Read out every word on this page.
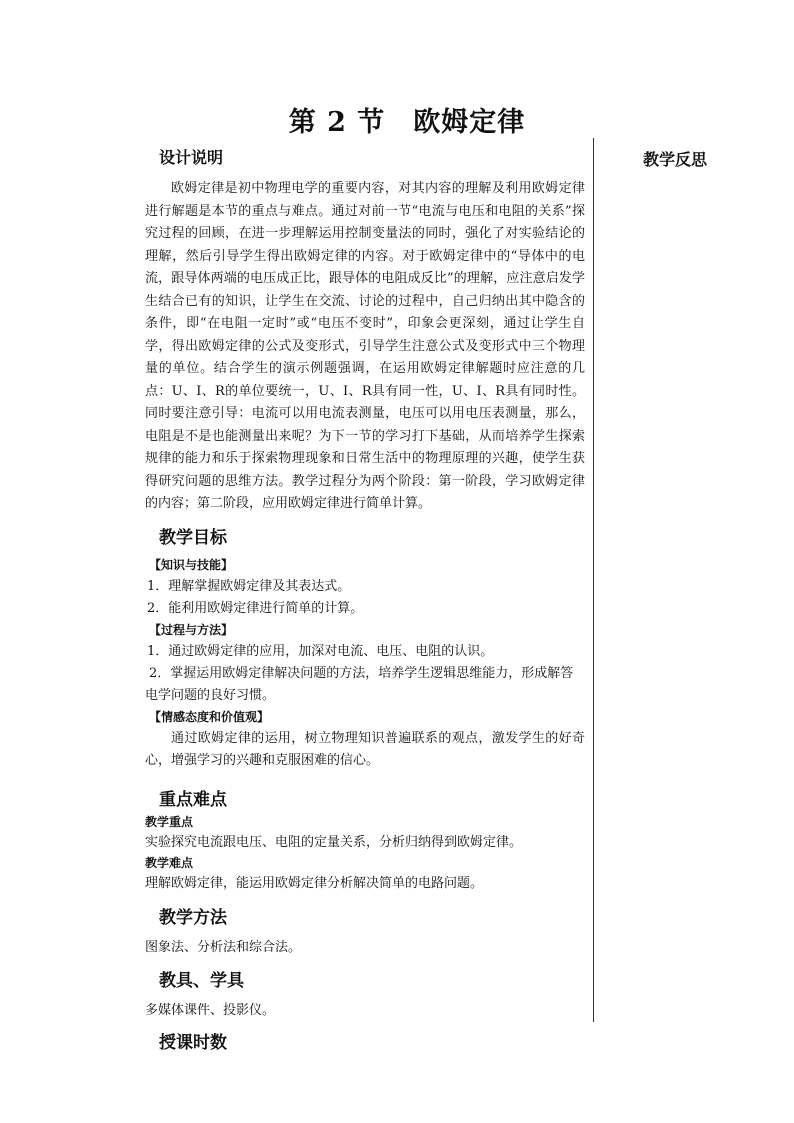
第 2 节　欧姆定律
教学反思

设计说明

欧姆定律是初中物理电学的重要内容，对其内容的理解及利用欧姆定律进行解题是本节的重点与难点。通过对前一节“电流与电压和电阻的关系”探究过程的回顾，在进一步理解运用控制变量法的同时，强化了对实验结论的理解，然后引导学生得出欧姆定律的内容。对于欧姆定律中的“导体中的电流，跟导体两端的电压成正比，跟导体的电阻成反比”的理解，应注意启发学生结合已有的知识，让学生在交流、讨论的过程中，自己归纳出其中隐含的条件，即“在电阻一定时”或“电压不变时”，印象会更深刻，通过让学生自学，得出欧姆定律的公式及变形式，引导学生注意公式及变形式中三个物理量的单位。结合学生的演示例题强调，在运用欧姆定律解题时应注意的几点：U、I、R的单位要统一，U、I、R具有同一性，U、I、R具有同时性。同时要注意引导：电流可以用电流表测量，电压可以用电压表测量，那么，电阻是不是也能测量出来呢？为下一节的学习打下基础，从而培养学生探索规律的能力和乐于探索物理现象和日常生活中的物理原理的兴趣，使学生获得研究问题的思维方法。教学过程分为两个阶段：第一阶段，学习欧姆定律的内容；第二阶段，应用欧姆定律进行简单计算。

教学目标

【知识与技能】

1．理解掌握欧姆定律及其表达式。

2．能利用欧姆定律进行简单的计算。

【过程与方法】

1．通过欧姆定律的应用，加深对电流、电压、电阻的认识。

2．掌握运用欧姆定律解决问题的方法，培养学生逻辑思维能力，形成解答电学问题的良好习惯。

【情感态度和价值观】

通过欧姆定律的运用，树立物理知识普遍联系的观点，激发学生的好奇心，增强学习的兴趣和克服困难的信心。

重点难点

教学重点

实验探究电流跟电压、电阻的定量关系，分析归纳得到欧姆定律。

教学难点

理解欧姆定律，能运用欧姆定律分析解决简单的电路问题。

教学方法

图象法、分析法和综合法。

教具、学具

多媒体课件、投影仪。

授课时数
